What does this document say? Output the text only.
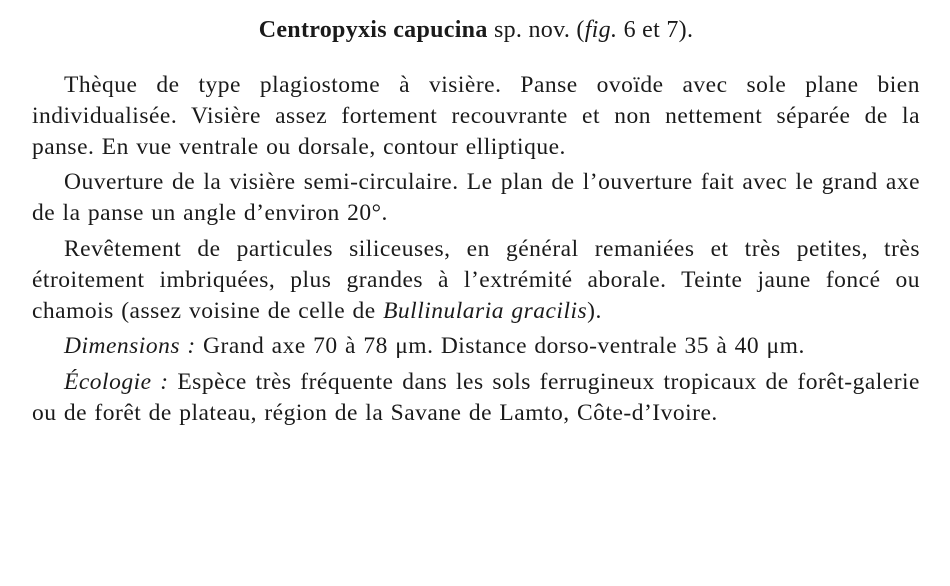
Centropyxis capucina sp. nov. (fig. 6 et 7).

Thèque de type plagiostome à visière. Panse ovoïde avec sole plane bien individualisée. Visière assez fortement recouvrante et non nettement séparée de la panse. En vue ventrale ou dorsale, contour elliptique.

Ouverture de la visière semi-circulaire. Le plan de l’ouverture fait avec le grand axe de la panse un angle d’environ 20°.

Revêtement de particules siliceuses, en général remaniées et très petites, très étroitement imbriquées, plus grandes à l’extrémité aborale. Teinte jaune foncé ou chamois (assez voisine de celle de Bullinularia gracilis).

Dimensions : Grand axe 70 à 78 μm. Distance dorso-ventrale 35 à 40 μm.

Écologie : Espèce très fréquente dans les sols ferrugineux tropicaux de forêt-galerie ou de forêt de plateau, région de la Savane de Lamto, Côte-d’Ivoire.
